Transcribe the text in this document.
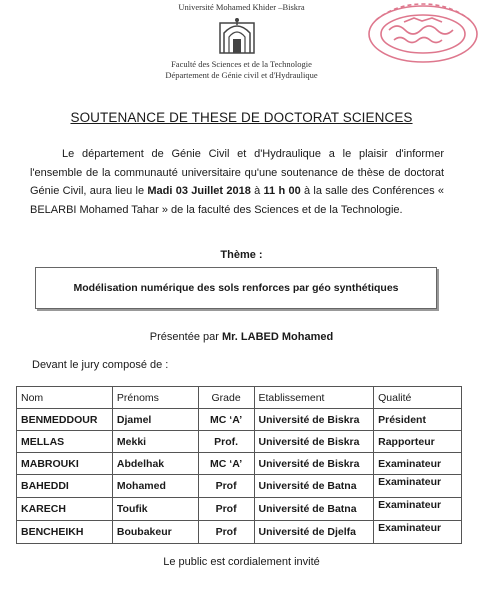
Université Mohamed Khider –Biskra
Faculté des Sciences et de la Technologie
Département de Génie civil et d'Hydraulique
SOUTENANCE DE THESE DE DOCTORAT SCIENCES
Le département de Génie Civil et d'Hydraulique a le plaisir d'informer l'ensemble de la communauté universitaire qu'une soutenance de thèse de doctorat Génie Civil, aura lieu le Madi 03 Juillet 2018 à 11 h 00 à la salle des Conférences « BELARBI Mohamed Tahar » de la faculté des Sciences et de la Technologie.
Thème :
Modélisation numérique des sols renforces par géo synthétiques
Présentée par Mr. LABED Mohamed
Devant le jury composé de :
Nom	Prénoms	Grade	Etablissement	Qualité
BENMEDDOUR	Djamel	MC ‘A’	Université de Biskra	Président
MELLAS	Mekki	Prof.	Université de Biskra	Rapporteur
MABROUKI	Abdelhak	MC ‘A’	Université de Biskra	Examinateur
BAHEDDI	Mohamed	Prof	Université de Batna	Examinateur
KARECH	Toufik	Prof	Université de Batna	Examinateur
BENCHEIKH	Boubakeur	Prof	Université de Djelfa	Examinateur
Le public est cordialement invité
